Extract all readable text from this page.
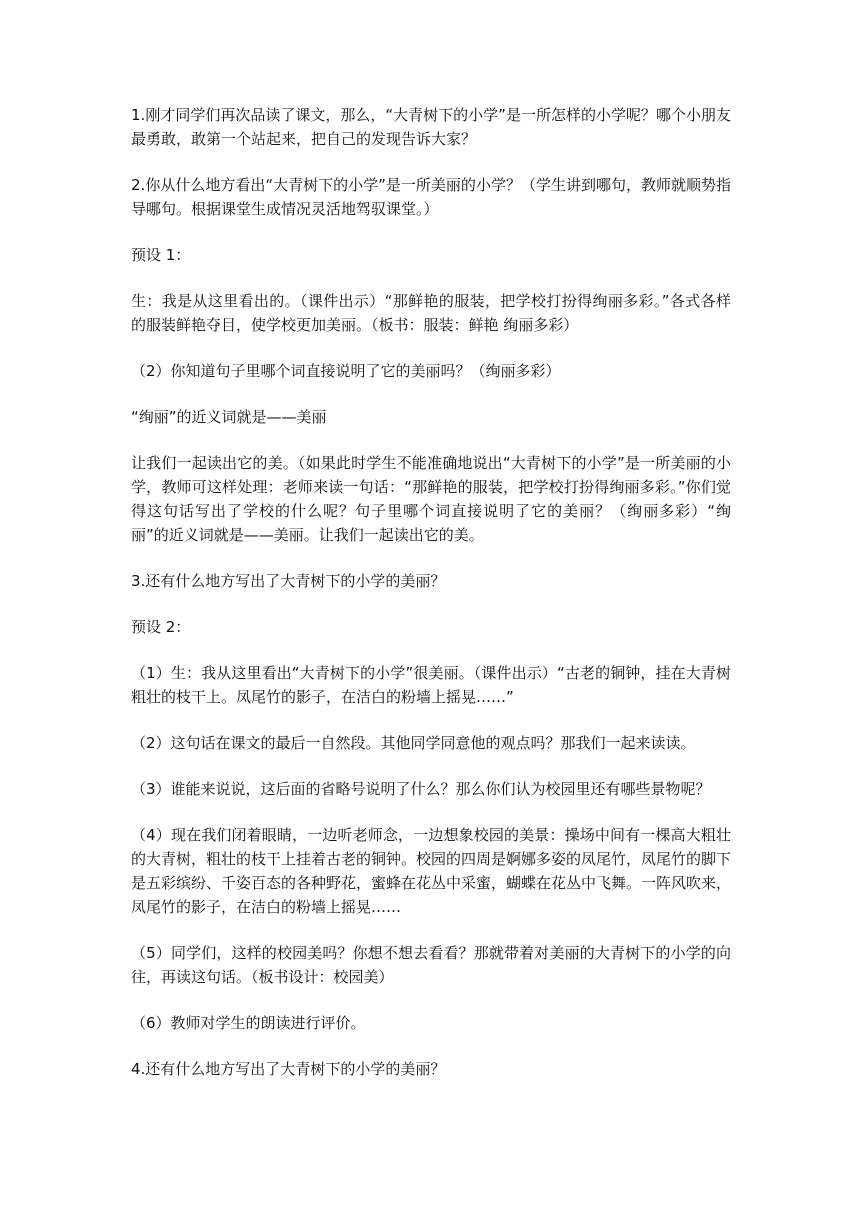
1.刚才同学们再次品读了课文，那么，“大青树下的小学”是一所怎样的小学呢？哪个小朋友最勇敢，敢第一个站起来，把自己的发现告诉大家？

2.你从什么地方看出“大青树下的小学”是一所美丽的小学？（学生讲到哪句，教师就顺势指导哪句。根据课堂生成情况灵活地驾驭课堂。）

预设 1：

生：我是从这里看出的。（课件出示）“那鲜艳的服装，把学校打扮得绚丽多彩。”各式各样的服装鲜艳夺目，使学校更加美丽。（板书：服装：鲜艳 绚丽多彩）

（2）你知道句子里哪个词直接说明了它的美丽吗？（绚丽多彩）

“绚丽”的近义词就是——美丽

让我们一起读出它的美。（如果此时学生不能准确地说出“大青树下的小学”是一所美丽的小学，教师可这样处理：老师来读一句话：“那鲜艳的服装，把学校打扮得绚丽多彩。”你们觉得这句话写出了学校的什么呢？句子里哪个词直接说明了它的美丽？（绚丽多彩）“绚丽”的近义词就是——美丽。让我们一起读出它的美。

3.还有什么地方写出了大青树下的小学的美丽？

预设 2：

（1）生：我从这里看出“大青树下的小学”很美丽。（课件出示）“古老的铜钟，挂在大青树粗壮的枝干上。凤尾竹的影子，在洁白的粉墙上摇晃……”

（2）这句话在课文的最后一自然段。其他同学同意他的观点吗？那我们一起来读读。

（3）谁能来说说，这后面的省略号说明了什么？那么你们认为校园里还有哪些景物呢？

（4）现在我们闭着眼睛，一边听老师念，一边想象校园的美景：操场中间有一棵高大粗壮的大青树，粗壮的枝干上挂着古老的铜钟。校园的四周是婀娜多姿的凤尾竹，凤尾竹的脚下是五彩缤纷、千姿百态的各种野花，蜜蜂在花丛中采蜜，蝴蝶在花丛中飞舞。一阵风吹来，凤尾竹的影子，在洁白的粉墙上摇晃……

（5）同学们，这样的校园美吗？你想不想去看看？那就带着对美丽的大青树下的小学的向往，再读这句话。（板书设计：校园美）

（6）教师对学生的朗读进行评价。

4.还有什么地方写出了大青树下的小学的美丽？
